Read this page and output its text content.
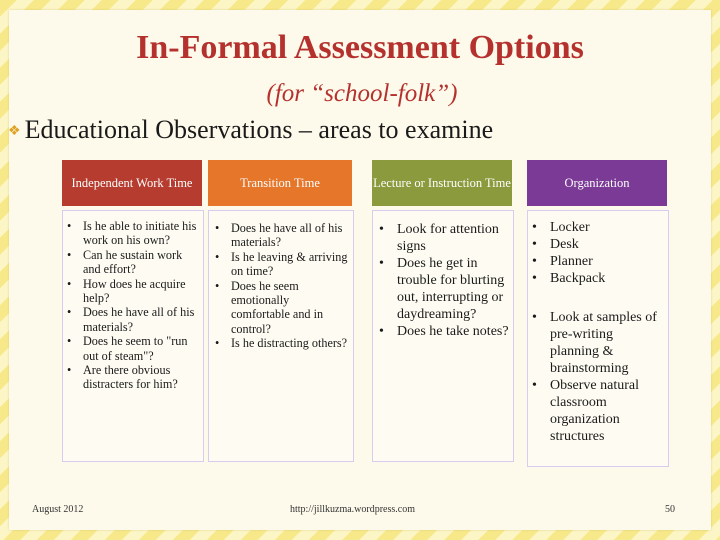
In-Formal Assessment Options
(for “school-folk”)
❖ Educational Observations – areas to examine
Independent Work Time
• Is he able to initiate his work on his own?
• Can he sustain work and effort?
• How does he acquire help?
• Does he have all of his materials?
• Does he seem to "run out of steam"?
• Are there obvious distracters for him?
Transition Time
• Does he have all of his materials?
• Is he leaving & arriving on time?
• Does he seem emotionally comfortable and in control?
• Is he distracting others?
Lecture or Instruction Time
• Look for attention signs
• Does he get in trouble for blurting out, interrupting or daydreaming?
• Does he take notes?
Organization
• Locker
• Desk
• Planner
• Backpack
• Look at samples of pre-writing planning & brainstorming
• Observe natural classroom organization structures
August 2012	http://jillkuzma.wordpress.com	50
